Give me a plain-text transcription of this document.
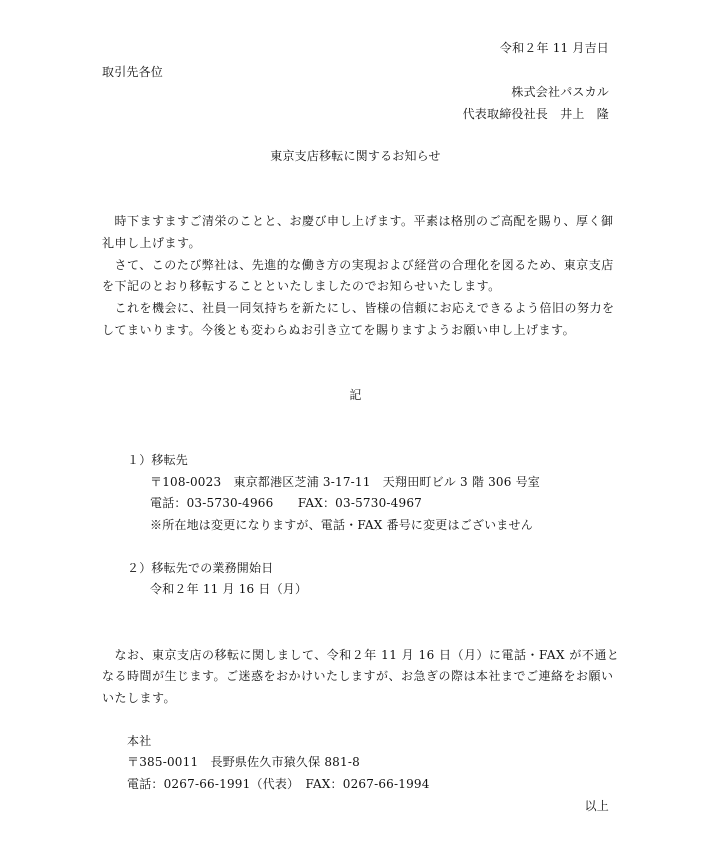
令和２年 11 月吉日
取引先各位
株式会社パスカル
代表取締役社長　井上　隆
東京支店移転に関するお知らせ
　時下ますますご清栄のことと、お慶び申し上げます。平素は格別のご高配を賜り、厚く御
礼申し上げます。
　さて、このたび弊社は、先進的な働き方の実現および経営の合理化を図るため、東京支店
を下記のとおり移転することといたしましたのでお知らせいたします。
　これを機会に、社員一同気持ちを新たにし、皆様の信頼にお応えできるよう倍旧の努力を
してまいります。今後とも変わらぬお引き立てを賜りますようお願い申し上げます。
記
１）移転先
〒108-0023　東京都港区芝浦 3-17-11　天翔田町ビル 3 階 306 号室
電話：03-5730-4966　　FAX：03-5730-4967
※所在地は変更になりますが、電話・FAX 番号に変更はございません
２）移転先での業務開始日
令和２年 11 月 16 日（月）
　なお、東京支店の移転に関しまして、令和２年 11 月 16 日（月）に電話・FAX が不通と
なる時間が生じます。ご迷惑をおかけいたしますが、お急ぎの際は本社までご連絡をお願い
いたします。
本社
〒385-0011　長野県佐久市猿久保 881-8
電話：0267-66-1991（代表）　FAX：0267-66-1994
以上
